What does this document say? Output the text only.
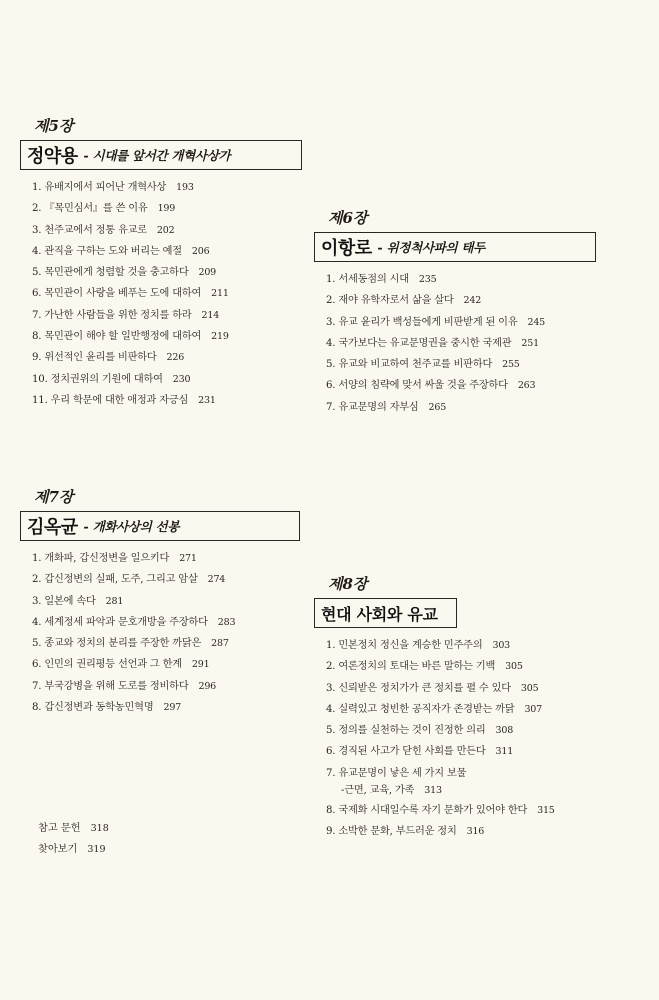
제5장
정약용 - 시대를 앞서간 개혁사상가
1. 유배지에서 피어난 개혁사상 193
2. 『목민심서』를 쓴 이유 199
3. 천주교에서 정통 유교로 202
4. 관직을 구하는 도와 버리는 예절 206
5. 목민관에게 청렴할 것을 충고하다 209
6. 목민관이 사랑을 베푸는 도에 대하여 211
7. 가난한 사람들을 위한 정치를 하라 214
8. 목민관이 해야 할 일반행정에 대하여 219
9. 위선적인 윤리를 비판하다 226
10. 정치권위의 기원에 대하여 230
11. 우리 학문에 대한 애정과 자긍심 231
제6장
이항로 - 위정척사파의 태두
1. 서세동점의 시대 235
2. 재야 유학자로서 삶을 살다 242
3. 유교 윤리가 백성들에게 비판받게 된 이유 245
4. 국가보다는 유교문명권을 중시한 국제관 251
5. 유교와 비교하여 천주교를 비판하다 255
6. 서양의 침략에 맞서 싸울 것을 주장하다 263
7. 유교문명의 자부심 265
제7장
김옥균 - 개화사상의 선봉
1. 개화파, 갑신정변을 일으키다 271
2. 갑신정변의 실패, 도주, 그리고 암살 274
3. 일본에 속다 281
4. 세계정세 파악과 문호개방을 주장하다 283
5. 종교와 정치의 분리를 주장한 까닭은 287
6. 인민의 권리평등 선언과 그 한계 291
7. 부국강병을 위해 도로를 정비하다 296
8. 갑신정변과 동학농민혁명 297
제8장
현대 사회와 유교
1. 민본정치 정신을 계승한 민주주의 303
2. 여론정치의 토대는 바른 말하는 기백 305
3. 신뢰받은 정치가가 큰 정치를 펼 수 있다 305
4. 실력있고 청빈한 공직자가 존경받는 까닭 307
5. 정의를 실천하는 것이 진정한 의리 308
6. 경직된 사고가 닫힌 사회를 만든다 311
7. 유교문명이 낳은 세 가지 보물
-근면, 교육, 가족 313
8. 국제화 시대일수록 자기 문화가 있어야 한다 315
9. 소박한 문화, 부드러운 정치 316
참고 문헌 318
찾아보기 319
